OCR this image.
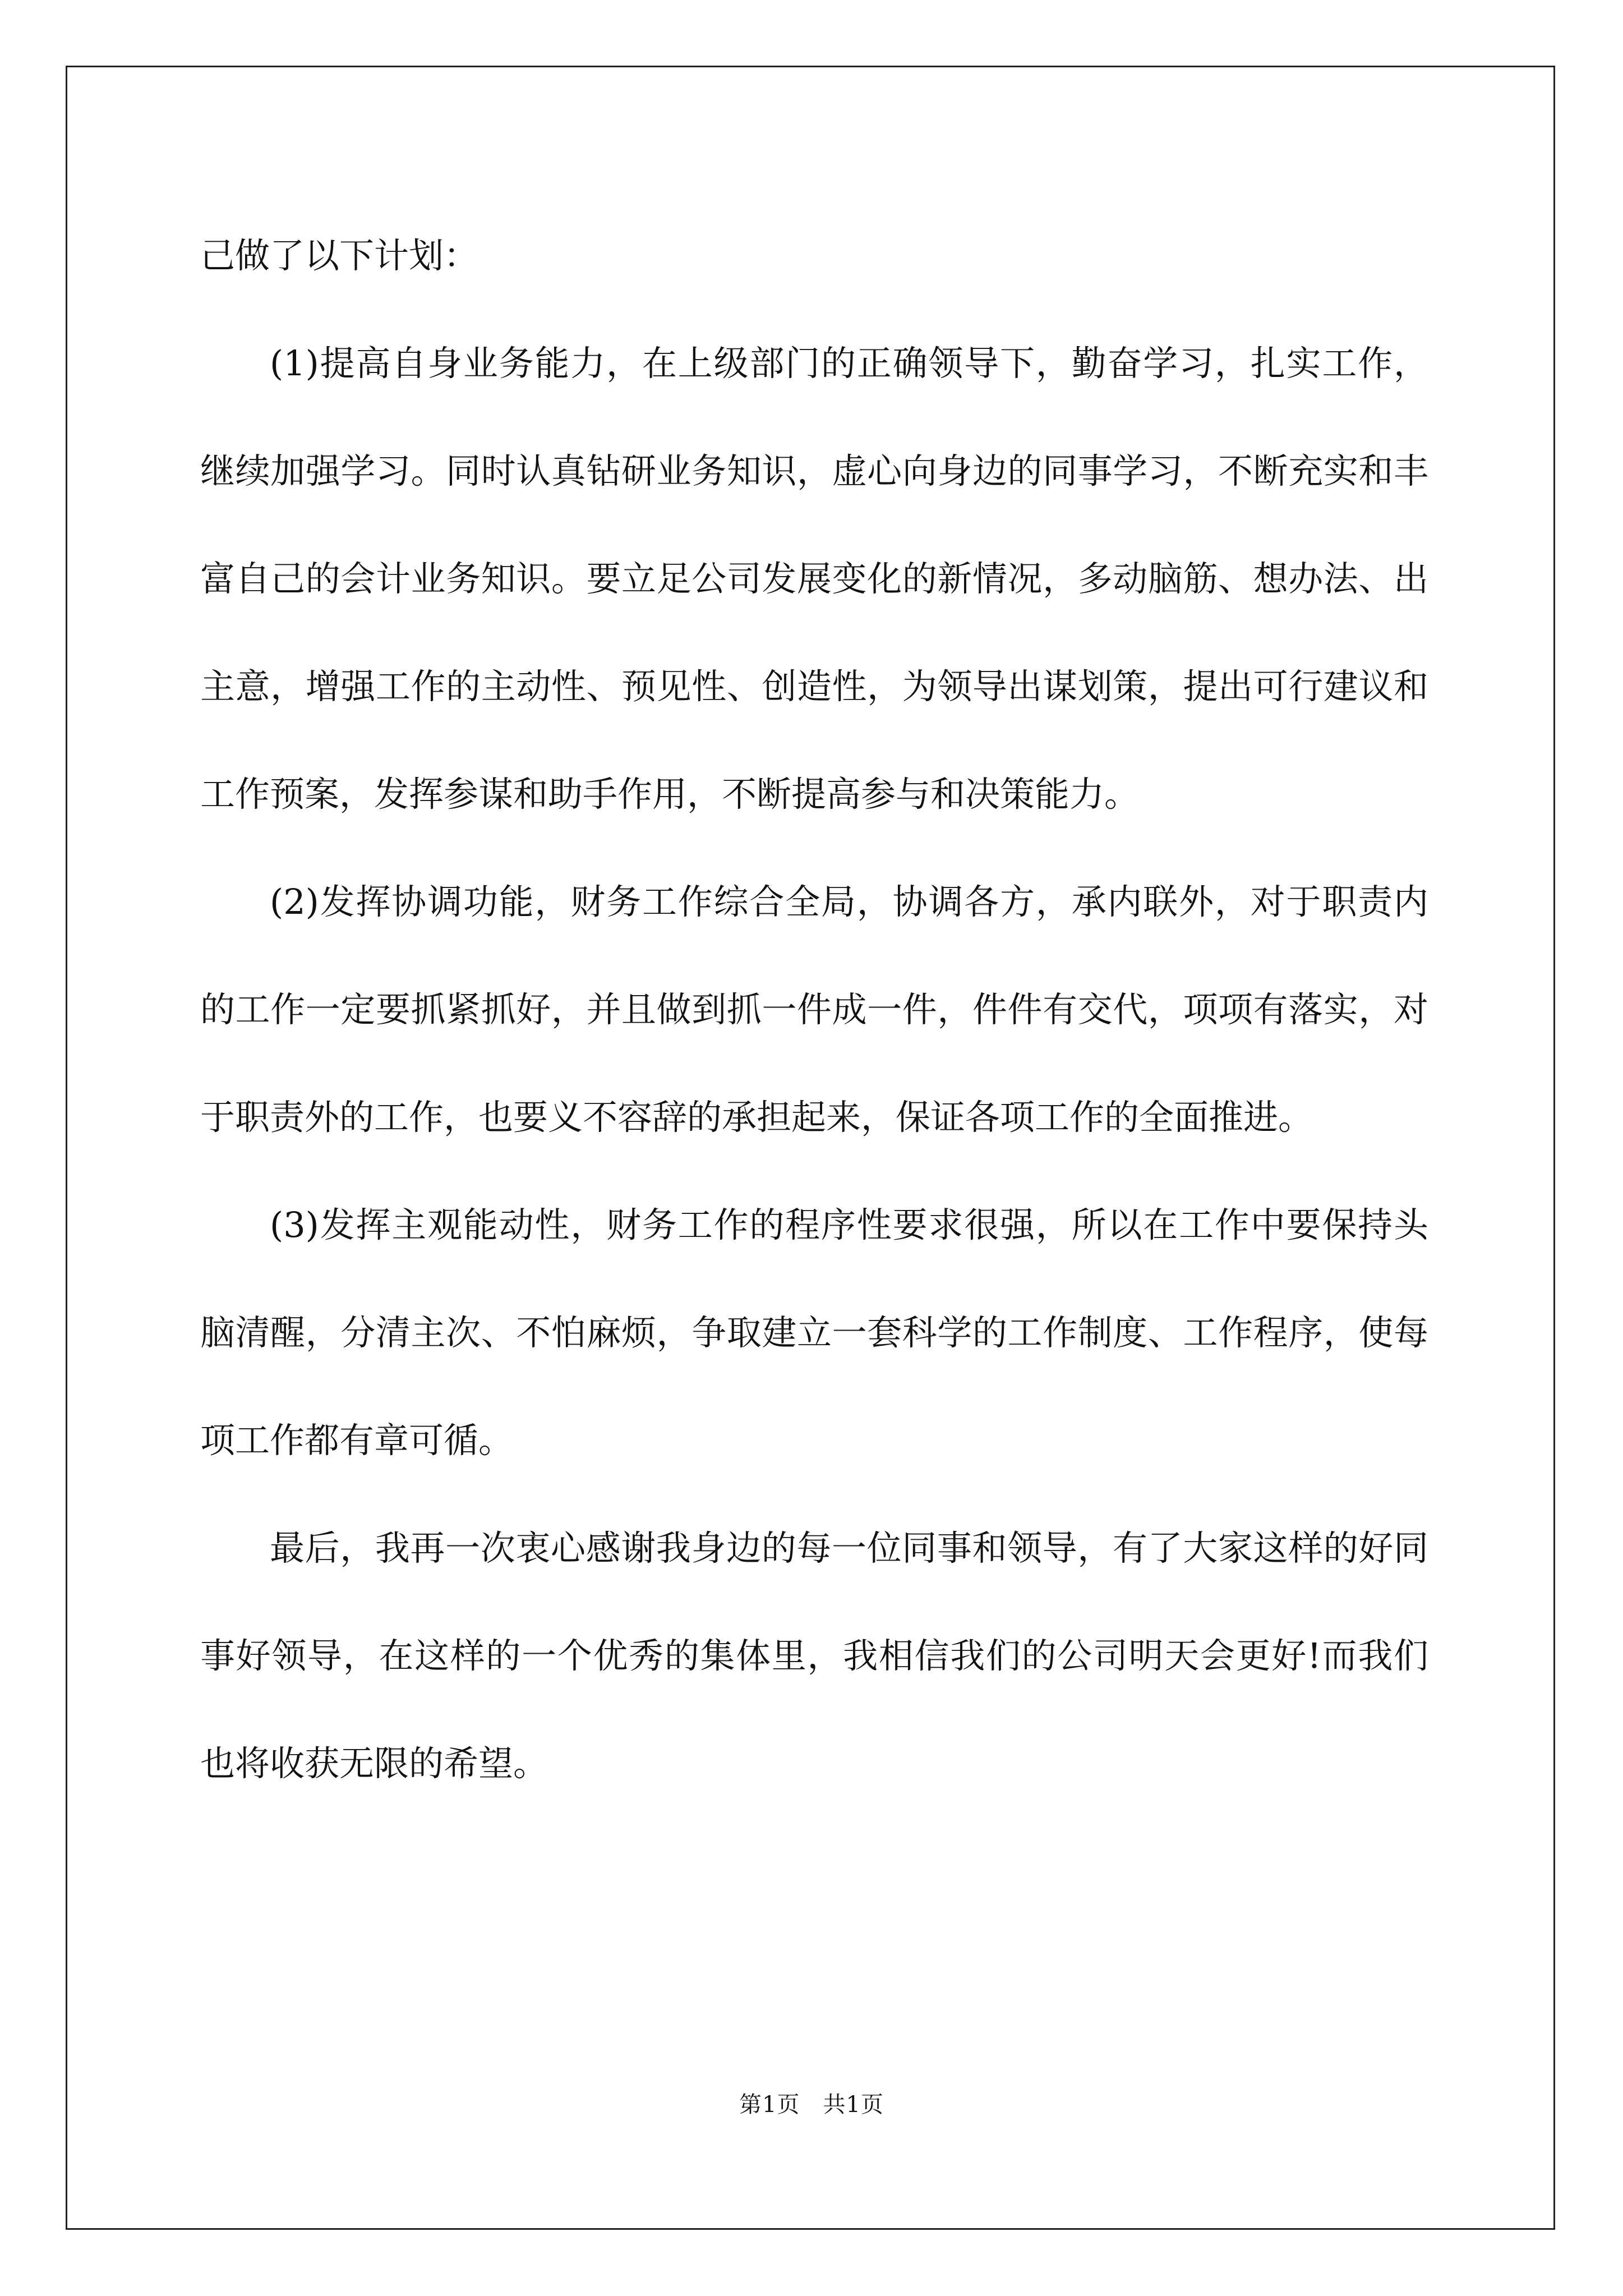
己做了以下计划：

(1)提高自身业务能力，在上级部门的正确领导下，勤奋学习，扎实工作，继续加强学习。同时认真钻研业务知识，虚心向身边的同事学习，不断充实和丰富自己的会计业务知识。要立足公司发展变化的新情况，多动脑筋、想办法、出主意，增强工作的主动性、预见性、创造性，为领导出谋划策，提出可行建议和工作预案，发挥参谋和助手作用，不断提高参与和决策能力。

(2)发挥协调功能，财务工作综合全局，协调各方，承内联外，对于职责内的工作一定要抓紧抓好，并且做到抓一件成一件，件件有交代，项项有落实，对于职责外的工作，也要义不容辞的承担起来，保证各项工作的全面推进。

(3)发挥主观能动性，财务工作的程序性要求很强，所以在工作中要保持头脑清醒，分清主次、不怕麻烦，争取建立一套科学的工作制度、工作程序，使每项工作都有章可循。

最后，我再一次衷心感谢我身边的每一位同事和领导，有了大家这样的好同事好领导，在这样的一个优秀的集体里，我相信我们的公司明天会更好!而我们也将收获无限的希望。

第1页　共1页
